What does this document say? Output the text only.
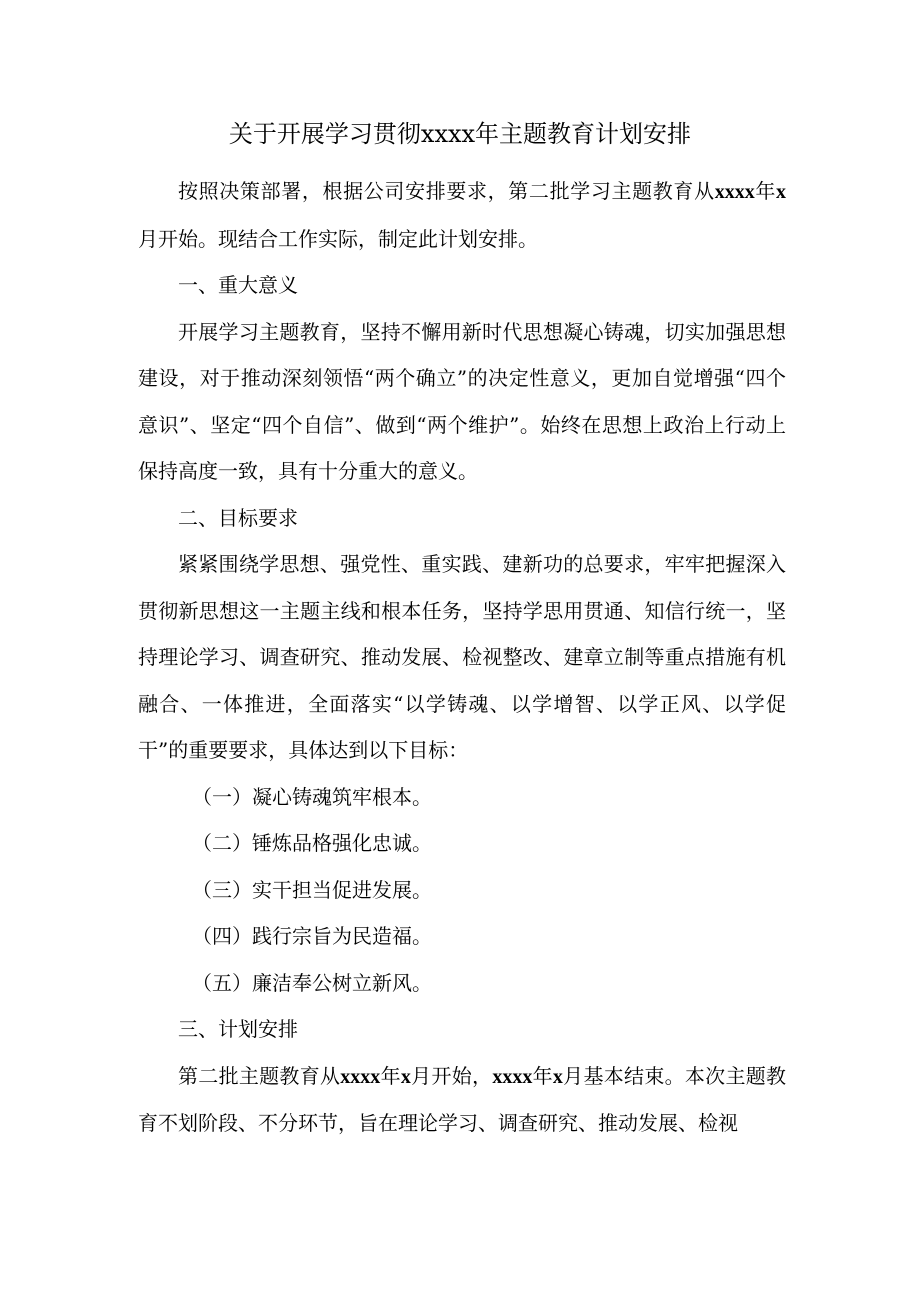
关于开展学习贯彻xxxx年主题教育计划安排

按照决策部署，根据公司安排要求，第二批学习主题教育从xxxx年x月开始。现结合工作实际，制定此计划安排。

一、重大意义

开展学习主题教育，坚持不懈用新时代思想凝心铸魂，切实加强思想建设，对于推动深刻领悟“两个确立”的决定性意义，更加自觉增强“四个意识”、坚定“四个自信”、做到“两个维护”。始终在思想上政治上行动上保持高度一致，具有十分重大的意义。

二、目标要求

紧紧围绕学思想、强党性、重实践、建新功的总要求，牢牢把握深入贯彻新思想这一主题主线和根本任务，坚持学思用贯通、知信行统一，坚持理论学习、调查研究、推动发展、检视整改、建章立制等重点措施有机融合、一体推进，全面落实“以学铸魂、以学增智、以学正风、以学促干”的重要要求，具体达到以下目标：

（一）凝心铸魂筑牢根本。

（二）锤炼品格强化忠诚。

（三）实干担当促进发展。

（四）践行宗旨为民造福。

（五）廉洁奉公树立新风。

三、计划安排

第二批主题教育从xxxx年x月开始，xxxx年x月基本结束。本次主题教育不划阶段、不分环节，旨在理论学习、调查研究、推动发展、检视
